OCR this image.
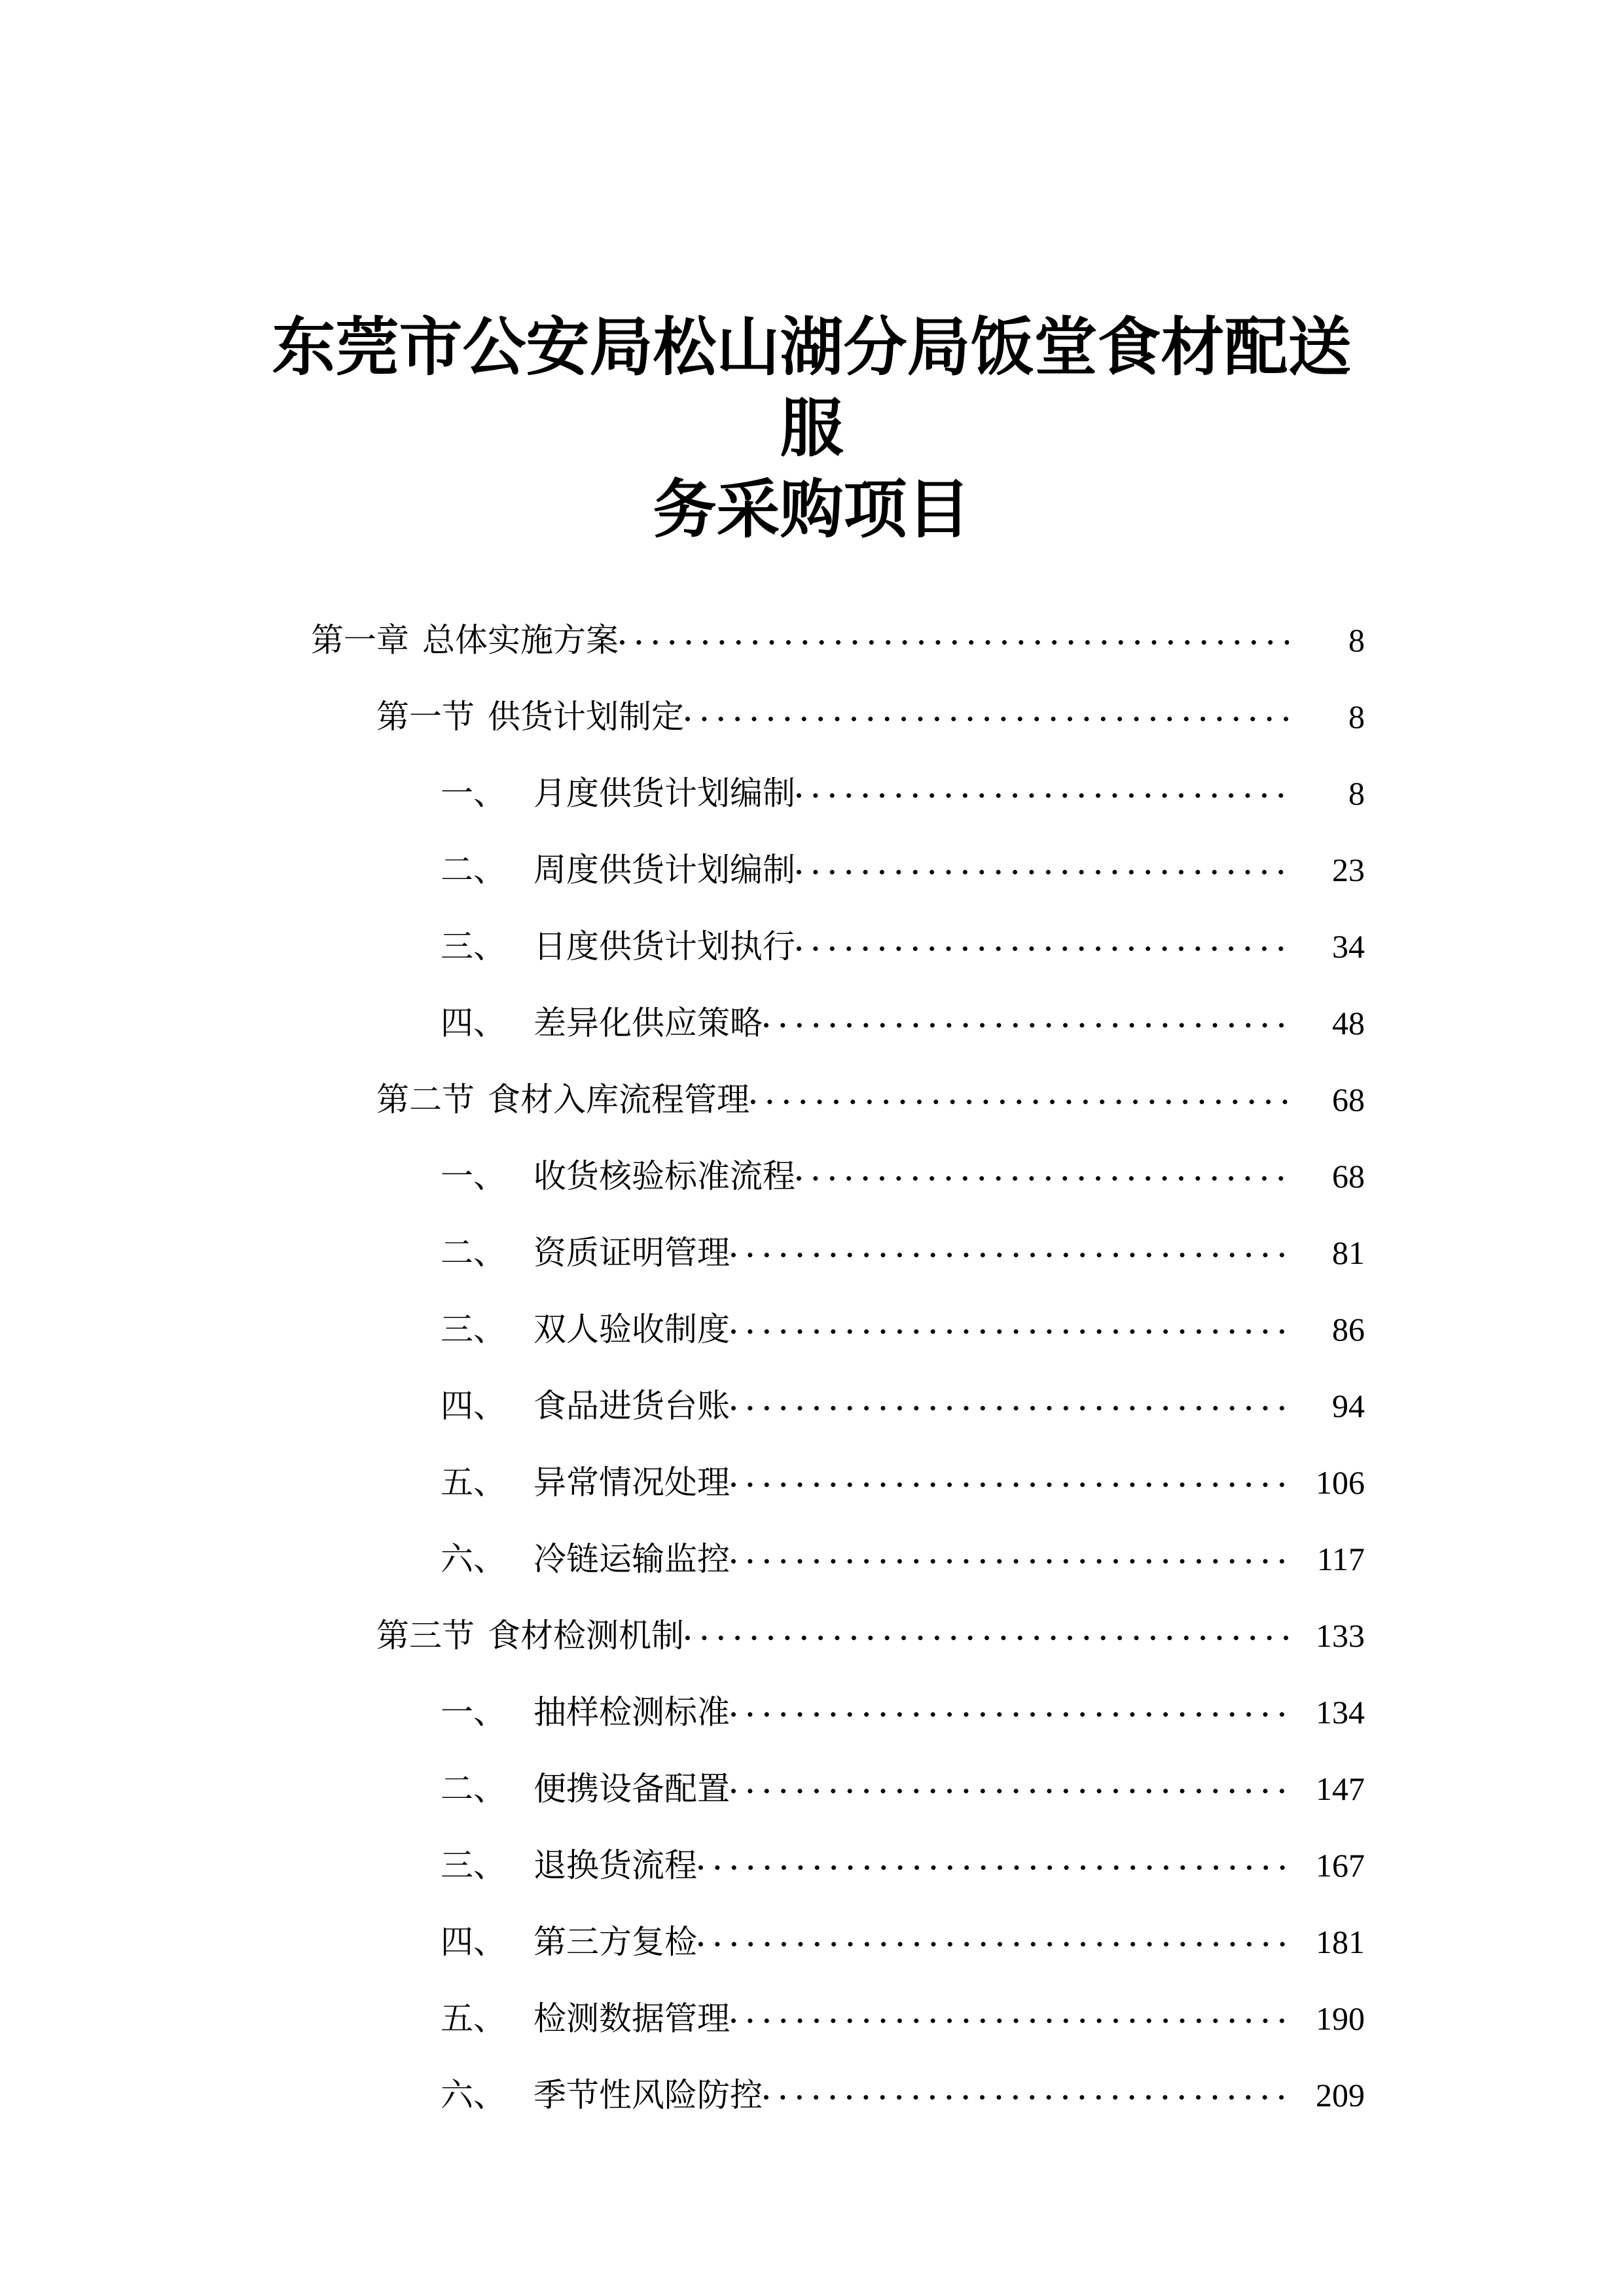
东莞市公安局松山湖分局饭堂食材配送服
务采购项目
第一章 总体实施方案	8
第一节 供货计划制定	8
一、 月度供货计划编制	8
二、 周度供货计划编制	23
三、 日度供货计划执行	34
四、 差异化供应策略	48
第二节 食材入库流程管理	68
一、 收货核验标准流程	68
二、 资质证明管理	81
三、 双人验收制度	86
四、 食品进货台账	94
五、 异常情况处理	106
六、 冷链运输监控	117
第三节 食材检测机制	133
一、 抽样检测标准	134
二、 便携设备配置	147
三、 退换货流程	167
四、 第三方复检	181
五、 检测数据管理	190
六、 季节性风险防控	209
